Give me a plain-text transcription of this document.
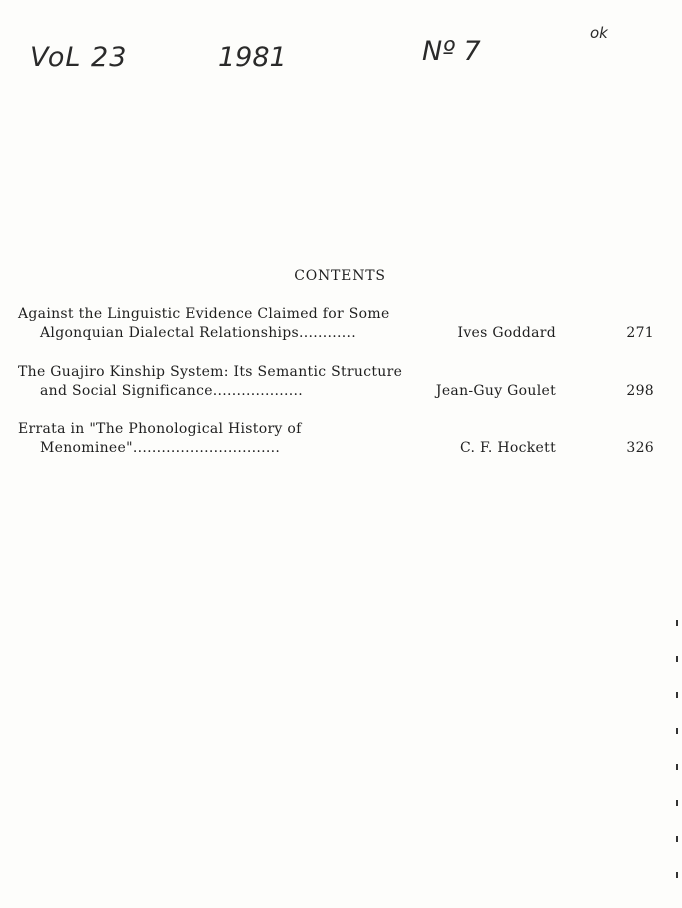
VoL 23	1981	Nº 7
ok
CONTENTS
Against the Linguistic Evidence Claimed for Some
Algonquian Dialectal Relationships............	Ives Goddard	271
The Guajiro Kinship System: Its Semantic Structure
and Social Significance...................	Jean-Guy Goulet	298
Errata in "The Phonological History of
Menominee"...............................	C. F. Hockett	326
